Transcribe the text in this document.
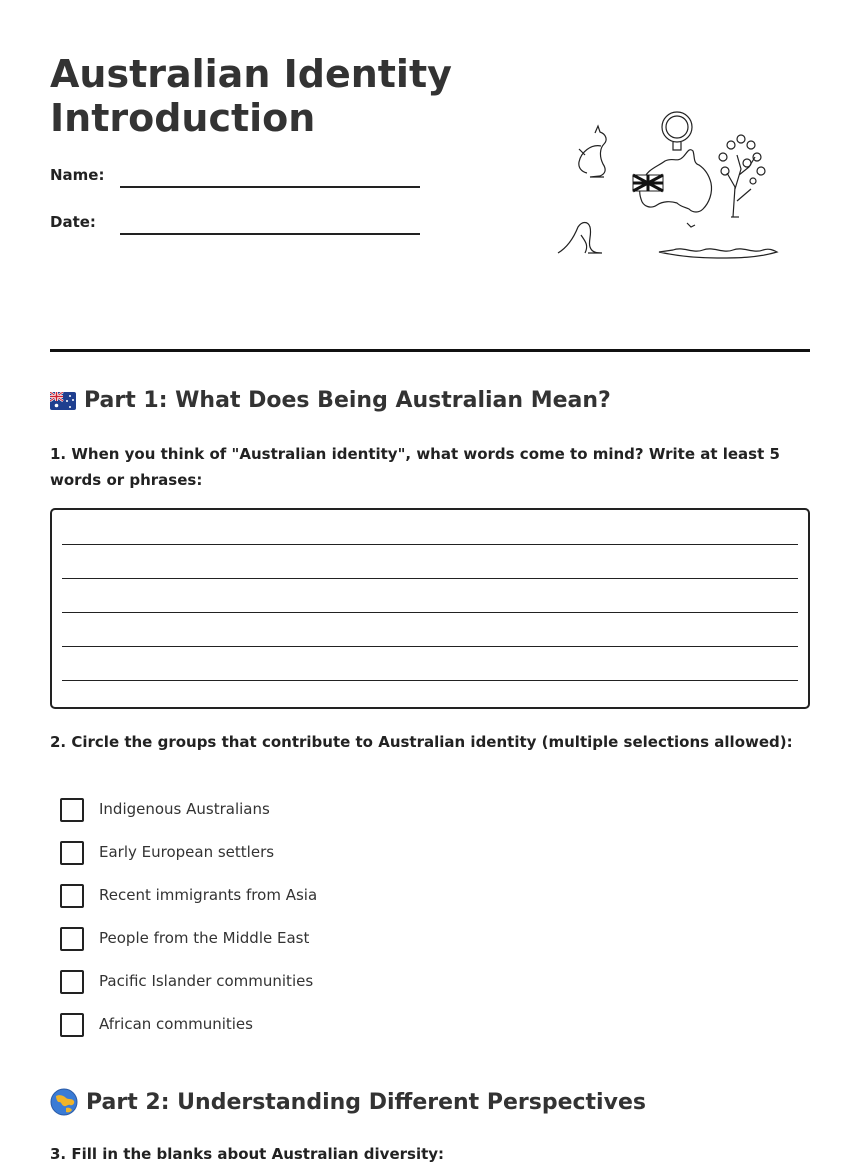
Australian Identity
Introduction
Name:
Date:
Part 1: What Does Being Australian Mean?
1. When you think of "Australian identity", what words come to mind? Write at least 5 words or phrases:
2. Circle the groups that contribute to Australian identity (multiple selections allowed):
Indigenous Australians
Early European settlers
Recent immigrants from Asia
People from the Middle East
Pacific Islander communities
African communities
Part 2: Understanding Different Perspectives
3. Fill in the blanks about Australian diversity:
